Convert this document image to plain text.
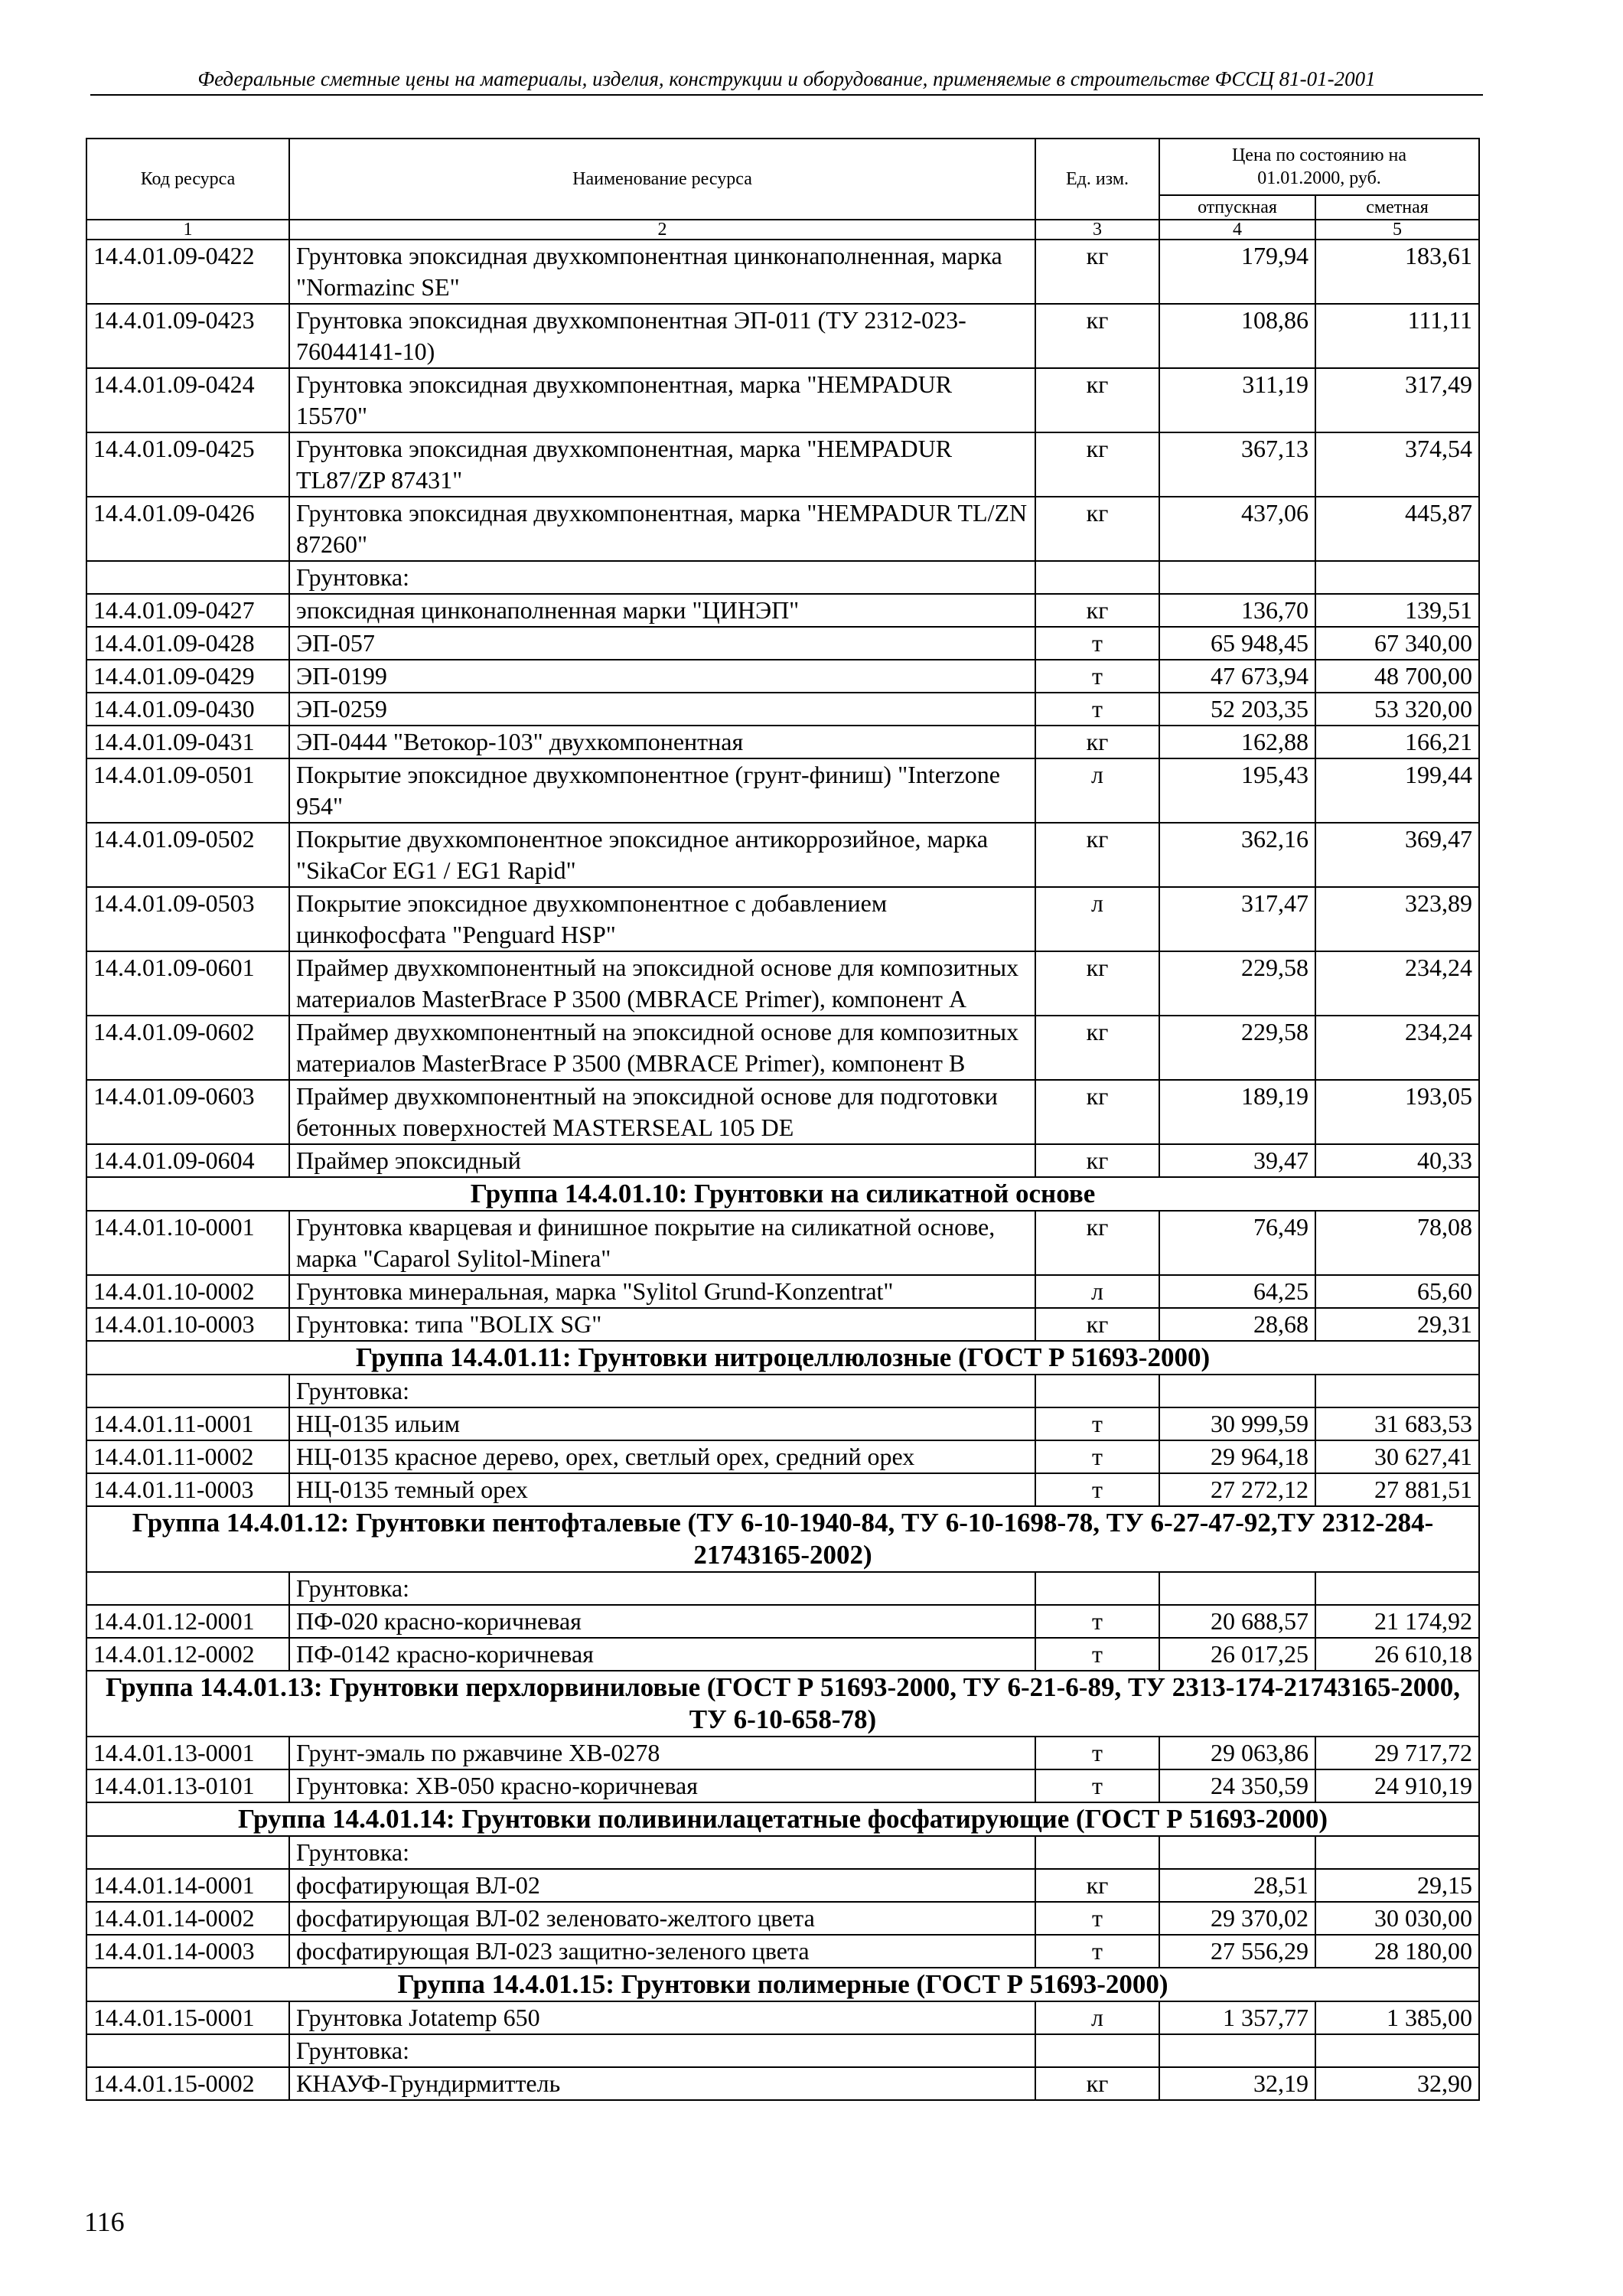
Федеральные сметные цены на материалы, изделия, конструкции и оборудование, применяемые в строительстве ФССЦ 81-01-2001
Код ресурса	Наименование ресурса	Ед. изм.	Цена по состоянию на 01.01.2000, руб.	
			отпускная	сметная
1	2	3	4	5
14.4.01.09-0422	Грунтовка эпоксидная двухкомпонентная цинконаполненная, марка "Normazinc SE"	кг	179,94	183,61
14.4.01.09-0423	Грунтовка эпоксидная двухкомпонентная ЭП-011 (ТУ 2312-023- 76044141-10)	кг	108,86	111,11
14.4.01.09-0424	Грунтовка эпоксидная двухкомпонентная, марка "HEMPADUR 15570"	кг	311,19	317,49
14.4.01.09-0425	Грунтовка эпоксидная двухкомпонентная, марка "HEMPADUR TL87/ZP 87431"	кг	367,13	374,54
14.4.01.09-0426	Грунтовка эпоксидная двухкомпонентная, марка "HEMPADUR TL/ZN 87260"	кг	437,06	445,87
	Грунтовка:			
14.4.01.09-0427	эпоксидная цинконаполненная марки "ЦИНЭП"	кг	136,70	139,51
14.4.01.09-0428	ЭП-057	т	65 948,45	67 340,00
14.4.01.09-0429	ЭП-0199	т	47 673,94	48 700,00
14.4.01.09-0430	ЭП-0259	т	52 203,35	53 320,00
14.4.01.09-0431	ЭП-0444 "Ветокор-103" двухкомпонентная	кг	162,88	166,21
14.4.01.09-0501	Покрытие эпоксидное двухкомпонентное (грунт-финиш) "Interzone 954"	л	195,43	199,44
14.4.01.09-0502	Покрытие двухкомпонентное эпоксидное антикоррозийное, марка "SikaCor EG1 / EG1 Rapid"	кг	362,16	369,47
14.4.01.09-0503	Покрытие эпоксидное двухкомпонентное с добавлением цинкофосфата "Penguard HSP"	л	317,47	323,89
14.4.01.09-0601	Праймер двухкомпонентный на эпоксидной основе для композитных материалов MasterBrace P 3500 (MBRACE Primer), компонент A	кг	229,58	234,24
14.4.01.09-0602	Праймер двухкомпонентный на эпоксидной основе для композитных материалов MasterBrace P 3500 (MBRACE Primer), компонент B	кг	229,58	234,24
14.4.01.09-0603	Праймер двухкомпонентный на эпоксидной основе для подготовки бетонных поверхностей MASTERSEAL 105 DE	кг	189,19	193,05
14.4.01.09-0604	Праймер эпоксидный	кг	39,47	40,33
Группа 14.4.01.10: Грунтовки на силикатной основе				
14.4.01.10-0001	Грунтовка кварцевая и финишное покрытие на силикатной основе, марка "Caparol Sylitol-Minera"	кг	76,49	78,08
14.4.01.10-0002	Грунтовка минеральная, марка "Sylitol Grund-Konzentrat"	л	64,25	65,60
14.4.01.10-0003	Грунтовка: типа "BOLIX SG"	кг	28,68	29,31
Группа 14.4.01.11: Грунтовки нитроцеллюлозные (ГОСТ Р 51693-2000)				
	Грунтовка:			
14.4.01.11-0001	НЦ-0135 ильим	т	30 999,59	31 683,53
14.4.01.11-0002	НЦ-0135 красное дерево, орех, светлый орех, средний орех	т	29 964,18	30 627,41
14.4.01.11-0003	НЦ-0135 темный орех	т	27 272,12	27 881,51
Группа 14.4.01.12: Грунтовки пентофталевые (ТУ 6-10-1940-84, ТУ 6-10-1698-78, ТУ 6-27-47-92,ТУ 2312-284-21743165-2002)				
	Грунтовка:			
14.4.01.12-0001	ПФ-020 красно-коричневая	т	20 688,57	21 174,92
14.4.01.12-0002	ПФ-0142 красно-коричневая	т	26 017,25	26 610,18
Группа 14.4.01.13: Грунтовки перхлорвиниловые (ГОСТ Р 51693-2000, ТУ 6-21-6-89, ТУ 2313-174-21743165-2000, ТУ 6-10-658-78)				
14.4.01.13-0001	Грунт-эмаль по ржавчине ХВ-0278	т	29 063,86	29 717,72
14.4.01.13-0101	Грунтовка: ХВ-050 красно-коричневая	т	24 350,59	24 910,19
Группа 14.4.01.14: Грунтовки поливинилацетатные фосфатирующие (ГОСТ Р 51693-2000)				
	Грунтовка:			
14.4.01.14-0001	фосфатирующая ВЛ-02	кг	28,51	29,15
14.4.01.14-0002	фосфатирующая ВЛ-02 зеленовато-желтого цвета	т	29 370,02	30 030,00
14.4.01.14-0003	фосфатирующая ВЛ-023 защитно-зеленого цвета	т	27 556,29	28 180,00
Группа 14.4.01.15: Грунтовки полимерные (ГОСТ Р 51693-2000)				
14.4.01.15-0001	Грунтовка Jotatemp 650	л	1 357,77	1 385,00
	Грунтовка:			
14.4.01.15-0002	КНАУФ-Грундирмиттель	кг	32,19	32,90
116
